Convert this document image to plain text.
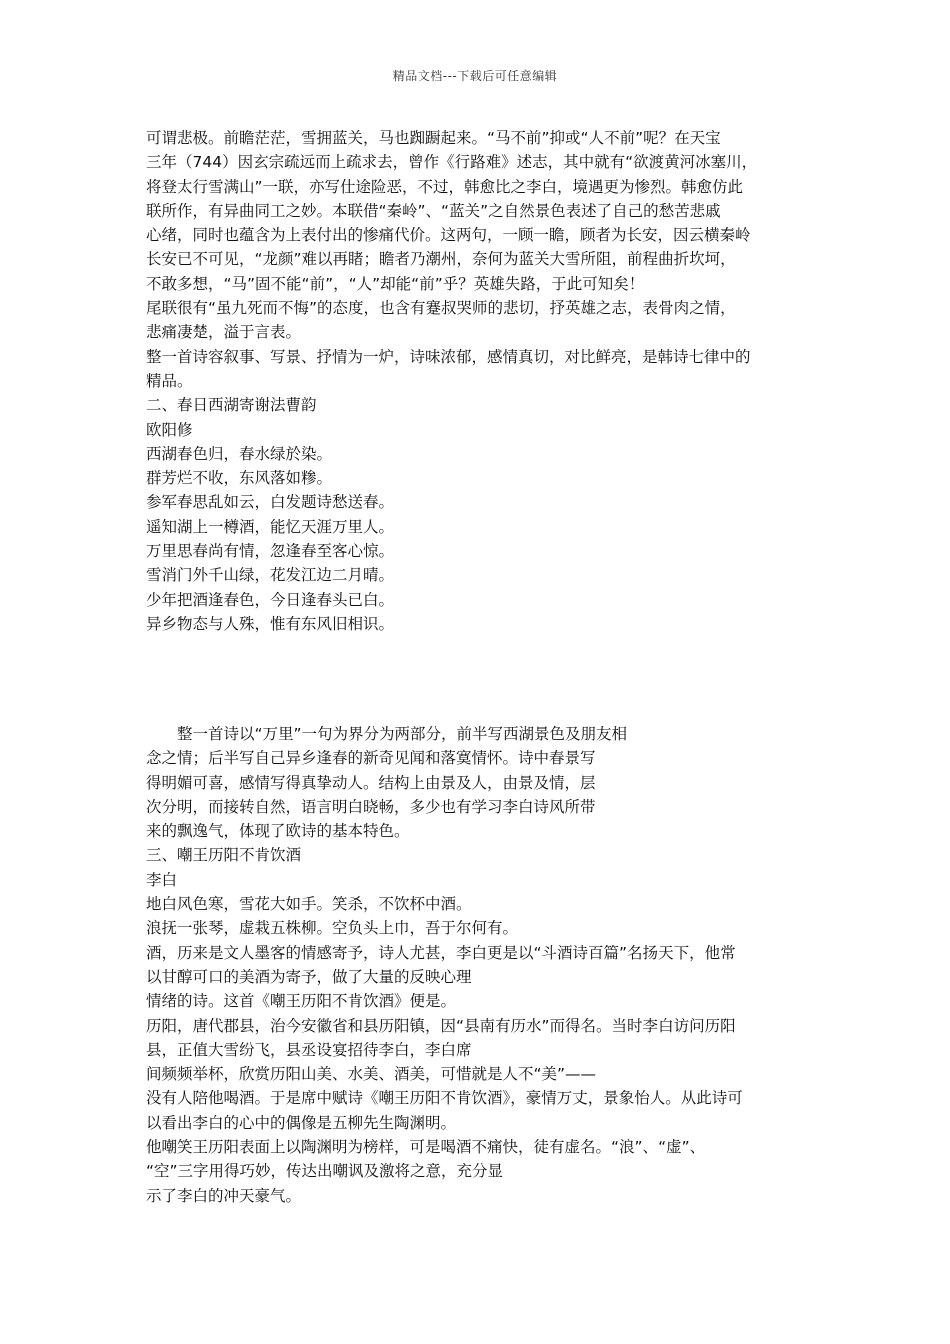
精品文档---下载后可任意编辑

可谓悲极。前瞻茫茫，雪拥蓝关，马也踟蹰起来。“马不前”抑或“人不前”呢？在天宝

三年（744）因玄宗疏远而上疏求去，曾作《行路难》述志，其中就有“欲渡黄河冰塞川，

将登太行雪满山”一联，亦写仕途险恶，不过，韩愈比之李白，境遇更为惨烈。韩愈仿此

联所作，有异曲同工之妙。本联借“秦岭”、“蓝关”之自然景色表述了自己的愁苦悲戚

心绪，同时也蕴含为上表付出的惨痛代价。这两句，一顾一瞻，顾者为长安，因云横秦岭

长安已不可见，“龙颜”难以再睹；瞻者乃潮州，奈何为蓝关大雪所阻，前程曲折坎坷，

不敢多想，“马”固不能“前”，“人”却能“前”乎？英雄失路，于此可知矣！

尾联很有“虽九死而不悔”的态度，也含有蹇叔哭师的悲切，抒英雄之志，表骨肉之情，

悲痛凄楚，溢于言表。

整一首诗容叙事、写景、抒情为一炉，诗味浓郁，感情真切，对比鲜亮，是韩诗七律中的

精品。

二、春日西湖寄谢法曹韵

欧阳修

西湖春色归，春水绿於染。

群芳烂不收，东风落如糁。

参军春思乱如云，白发题诗愁送春。

遥知湖上一樽酒，能忆天涯万里人。

万里思春尚有情，忽逢春至客心惊。

雪消门外千山绿，花发江边二月晴。

少年把酒逢春色，今日逢春头已白。

异乡物态与人殊，惟有东风旧相识。

整一首诗以“万里”一句为界分为两部分，前半写西湖景色及朋友相

念之情；后半写自己异乡逢春的新奇见闻和落寞情怀。诗中春景写

得明媚可喜，感情写得真挚动人。结构上由景及人，由景及情，层

次分明，而接转自然，语言明白晓畅，多少也有学习李白诗风所带

来的飘逸气，体现了欧诗的基本特色。

三、嘲王历阳不肯饮酒

李白

地白风色寒，雪花大如手。笑杀，不饮杯中酒。

浪抚一张琴，虚栽五株柳。空负头上巾，吾于尔何有。

酒，历来是文人墨客的情感寄予，诗人尤甚，李白更是以“斗酒诗百篇”名扬天下，他常

以甘醇可口的美酒为寄予，做了大量的反映心理

情绪的诗。这首《嘲王历阳不肯饮酒》便是。

历阳，唐代郡县，治今安徽省和县历阳镇，因“县南有历水”而得名。当时李白访问历阳

县，正值大雪纷飞，县丞设宴招待李白，李白席

间频频举杯，欣赏历阳山美、水美、酒美，可惜就是人不“美”——

没有人陪他喝酒。于是席中赋诗《嘲王历阳不肯饮酒》，豪情万丈，景象怡人。从此诗可

以看出李白的心中的偶像是五柳先生陶渊明。

他嘲笑王历阳表面上以陶渊明为榜样，可是喝酒不痛快，徒有虚名。“浪”、“虚”、

“空”三字用得巧妙，传达出嘲讽及激将之意，充分显

示了李白的冲天豪气。
